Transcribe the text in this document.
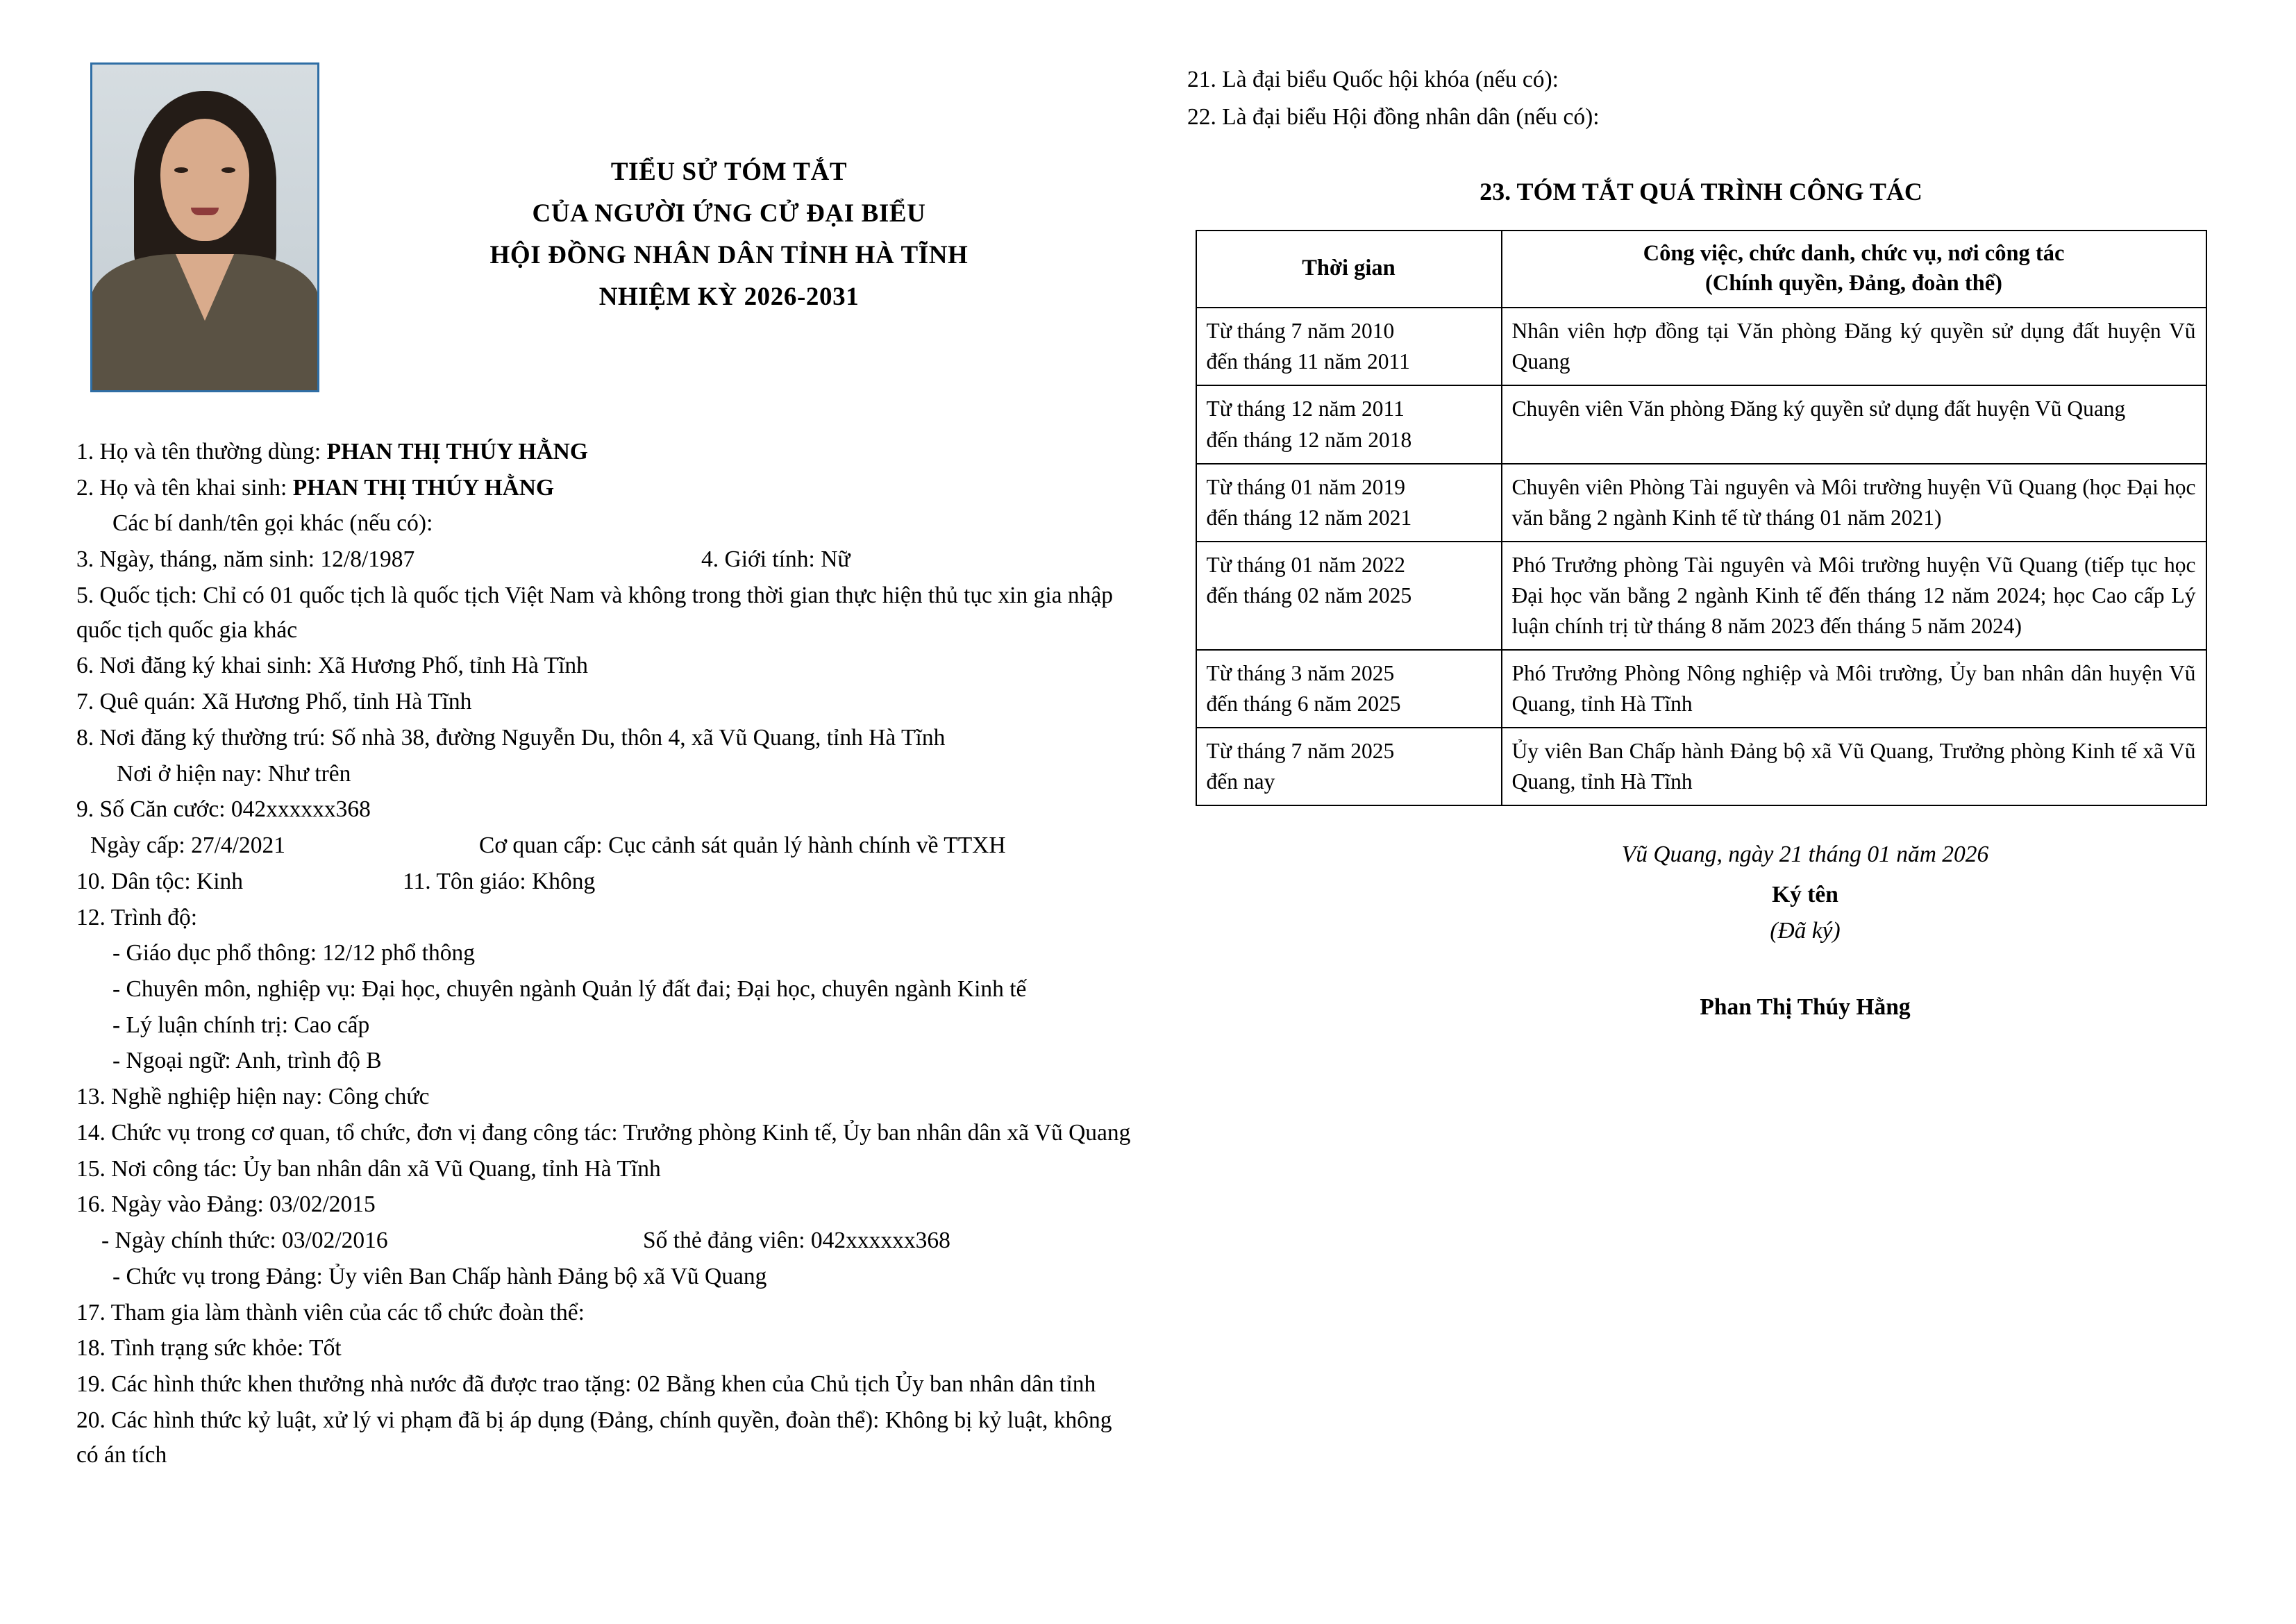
TIỂU SỬ TÓM TẮT
CỦA NGƯỜI ỨNG CỬ ĐẠI BIỂU
HỘI ĐỒNG NHÂN DÂN TỈNH HÀ TĨNH
NHIỆM KỲ 2026-2031

1. Họ và tên thường dùng: PHAN THỊ THÚY HẰNG

2. Họ và tên khai sinh: PHAN THỊ THÚY HẰNG

Các bí danh/tên gọi khác (nếu có):

3. Ngày, tháng, năm sinh: 12/8/1987	4. Giới tính: Nữ

5. Quốc tịch: Chỉ có 01 quốc tịch là quốc tịch Việt Nam và không trong thời gian thực hiện thủ tục xin gia nhập quốc tịch quốc gia khác

6. Nơi đăng ký khai sinh: Xã Hương Phố, tỉnh Hà Tĩnh

7. Quê quán: Xã Hương Phố, tỉnh Hà Tĩnh

8. Nơi đăng ký thường trú: Số nhà 38, đường Nguyễn Du, thôn 4, xã Vũ Quang, tỉnh Hà Tĩnh

Nơi ở hiện nay: Như trên

9. Số Căn cước: 042xxxxxx368

Ngày cấp: 27/4/2021	Cơ quan cấp: Cục cảnh sát quản lý hành chính về TTXH

10. Dân tộc: Kinh	11. Tôn giáo: Không

12. Trình độ:

- Giáo dục phổ thông: 12/12 phổ thông

- Chuyên môn, nghiệp vụ: Đại học, chuyên ngành Quản lý đất đai; Đại học, chuyên ngành Kinh tế

- Lý luận chính trị: Cao cấp

- Ngoại ngữ: Anh, trình độ B

13. Nghề nghiệp hiện nay: Công chức

14. Chức vụ trong cơ quan, tổ chức, đơn vị đang công tác: Trưởng phòng Kinh tế, Ủy ban nhân dân xã Vũ Quang

15. Nơi công tác: Ủy ban nhân dân xã Vũ Quang, tỉnh Hà Tĩnh

16. Ngày vào Đảng: 03/02/2015

- Ngày chính thức: 03/02/2016	Số thẻ đảng viên: 042xxxxxx368

- Chức vụ trong Đảng: Ủy viên Ban Chấp hành Đảng bộ xã Vũ Quang

17. Tham gia làm thành viên của các tổ chức đoàn thể:

18. Tình trạng sức khỏe: Tốt

19. Các hình thức khen thưởng nhà nước đã được trao tặng: 02 Bằng khen của Chủ tịch Ủy ban nhân dân tỉnh

20. Các hình thức kỷ luật, xử lý vi phạm đã bị áp dụng (Đảng, chính quyền, đoàn thể): Không bị kỷ luật, không có án tích

21. Là đại biểu Quốc hội khóa (nếu có):

22. Là đại biểu Hội đồng nhân dân (nếu có):

23. TÓM TẮT QUÁ TRÌNH CÔNG TÁC
Thời gian	Công việc, chức danh, chức vụ, nơi công tác
(Chính quyền, Đảng, đoàn thể)

Từ tháng 7 năm 2010
đến tháng 11 năm 2011	Nhân viên hợp đồng tại Văn phòng Đăng ký quyền sử dụng đất huyện Vũ Quang

Từ tháng 12 năm 2011
đến tháng 12 năm 2018	Chuyên viên Văn phòng Đăng ký quyền sử dụng đất huyện Vũ Quang

Từ tháng 01 năm 2019
đến tháng 12 năm 2021	Chuyên viên Phòng Tài nguyên và Môi trường huyện Vũ Quang (học Đại học văn bằng 2 ngành Kinh tế từ tháng 01 năm 2021)

Từ tháng 01 năm 2022
đến tháng 02 năm 2025	Phó Trưởng phòng Tài nguyên và Môi trường huyện Vũ Quang (tiếp tục học Đại học văn bằng 2 ngành Kinh tế đến tháng 12 năm 2024; học Cao cấp Lý luận chính trị từ tháng 8 năm 2023 đến tháng 5 năm 2024)

Từ tháng 3 năm 2025
đến tháng 6 năm 2025	Phó Trưởng Phòng Nông nghiệp và Môi trường, Ủy ban nhân dân huyện Vũ Quang, tỉnh Hà Tĩnh

Từ tháng 7 năm 2025
đến nay	Ủy viên Ban Chấp hành Đảng bộ xã Vũ Quang, Trưởng phòng Kinh tế xã Vũ Quang, tỉnh Hà Tĩnh
Vũ Quang, ngày 21 tháng 01 năm 2026
Ký tên
(Đã ký)
Phan Thị Thúy Hằng
